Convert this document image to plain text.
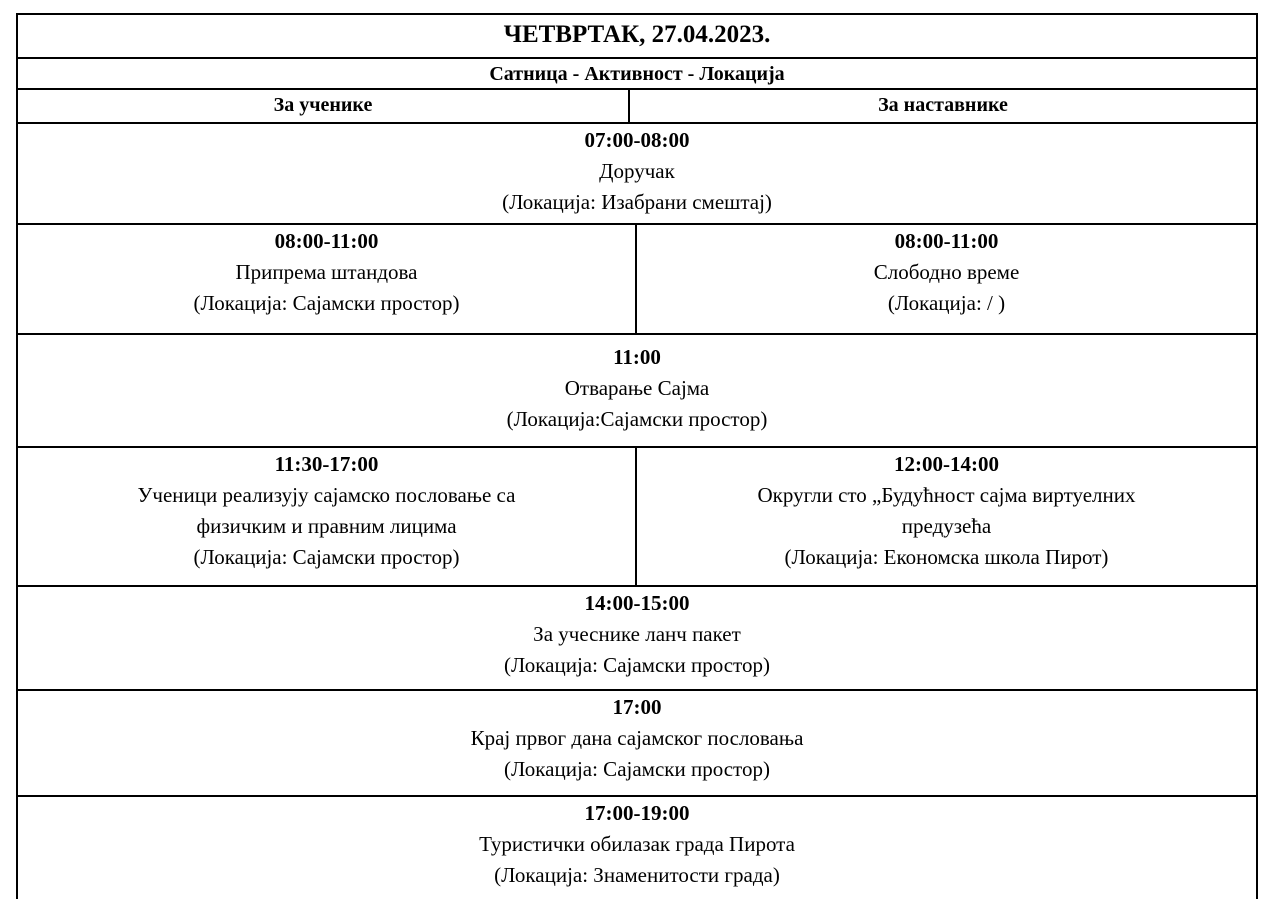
ЧЕТВРТАК, 27.04.2023.
Сатница - Активност - Локација
За ученике	За наставнике
07:00-08:00
Доручак
(Локација: Изабрани смештај)
08:00-11:00
Припрема штандова
(Локација: Сајамски простор)
08:00-11:00
Слободно време
(Локација: / )
11:00
Отварање Сајма
(Локација:Сајамски простор)
11:30-17:00
Ученици реализују сајамско пословање са
физичким и правним лицима
(Локација: Сајамски простор)
12:00-14:00
Округли сто „Будућност сајма виртуелних
предузећа
(Локација: Економска школа Пирот)
14:00-15:00
За учеснике ланч пакет
(Локација: Сајамски простор)
17:00
Крај првог дана сајамског пословања
(Локација: Сајамски простор)
17:00-19:00
Туристички обилазак града Пирота
(Локација: Знаменитости града)
